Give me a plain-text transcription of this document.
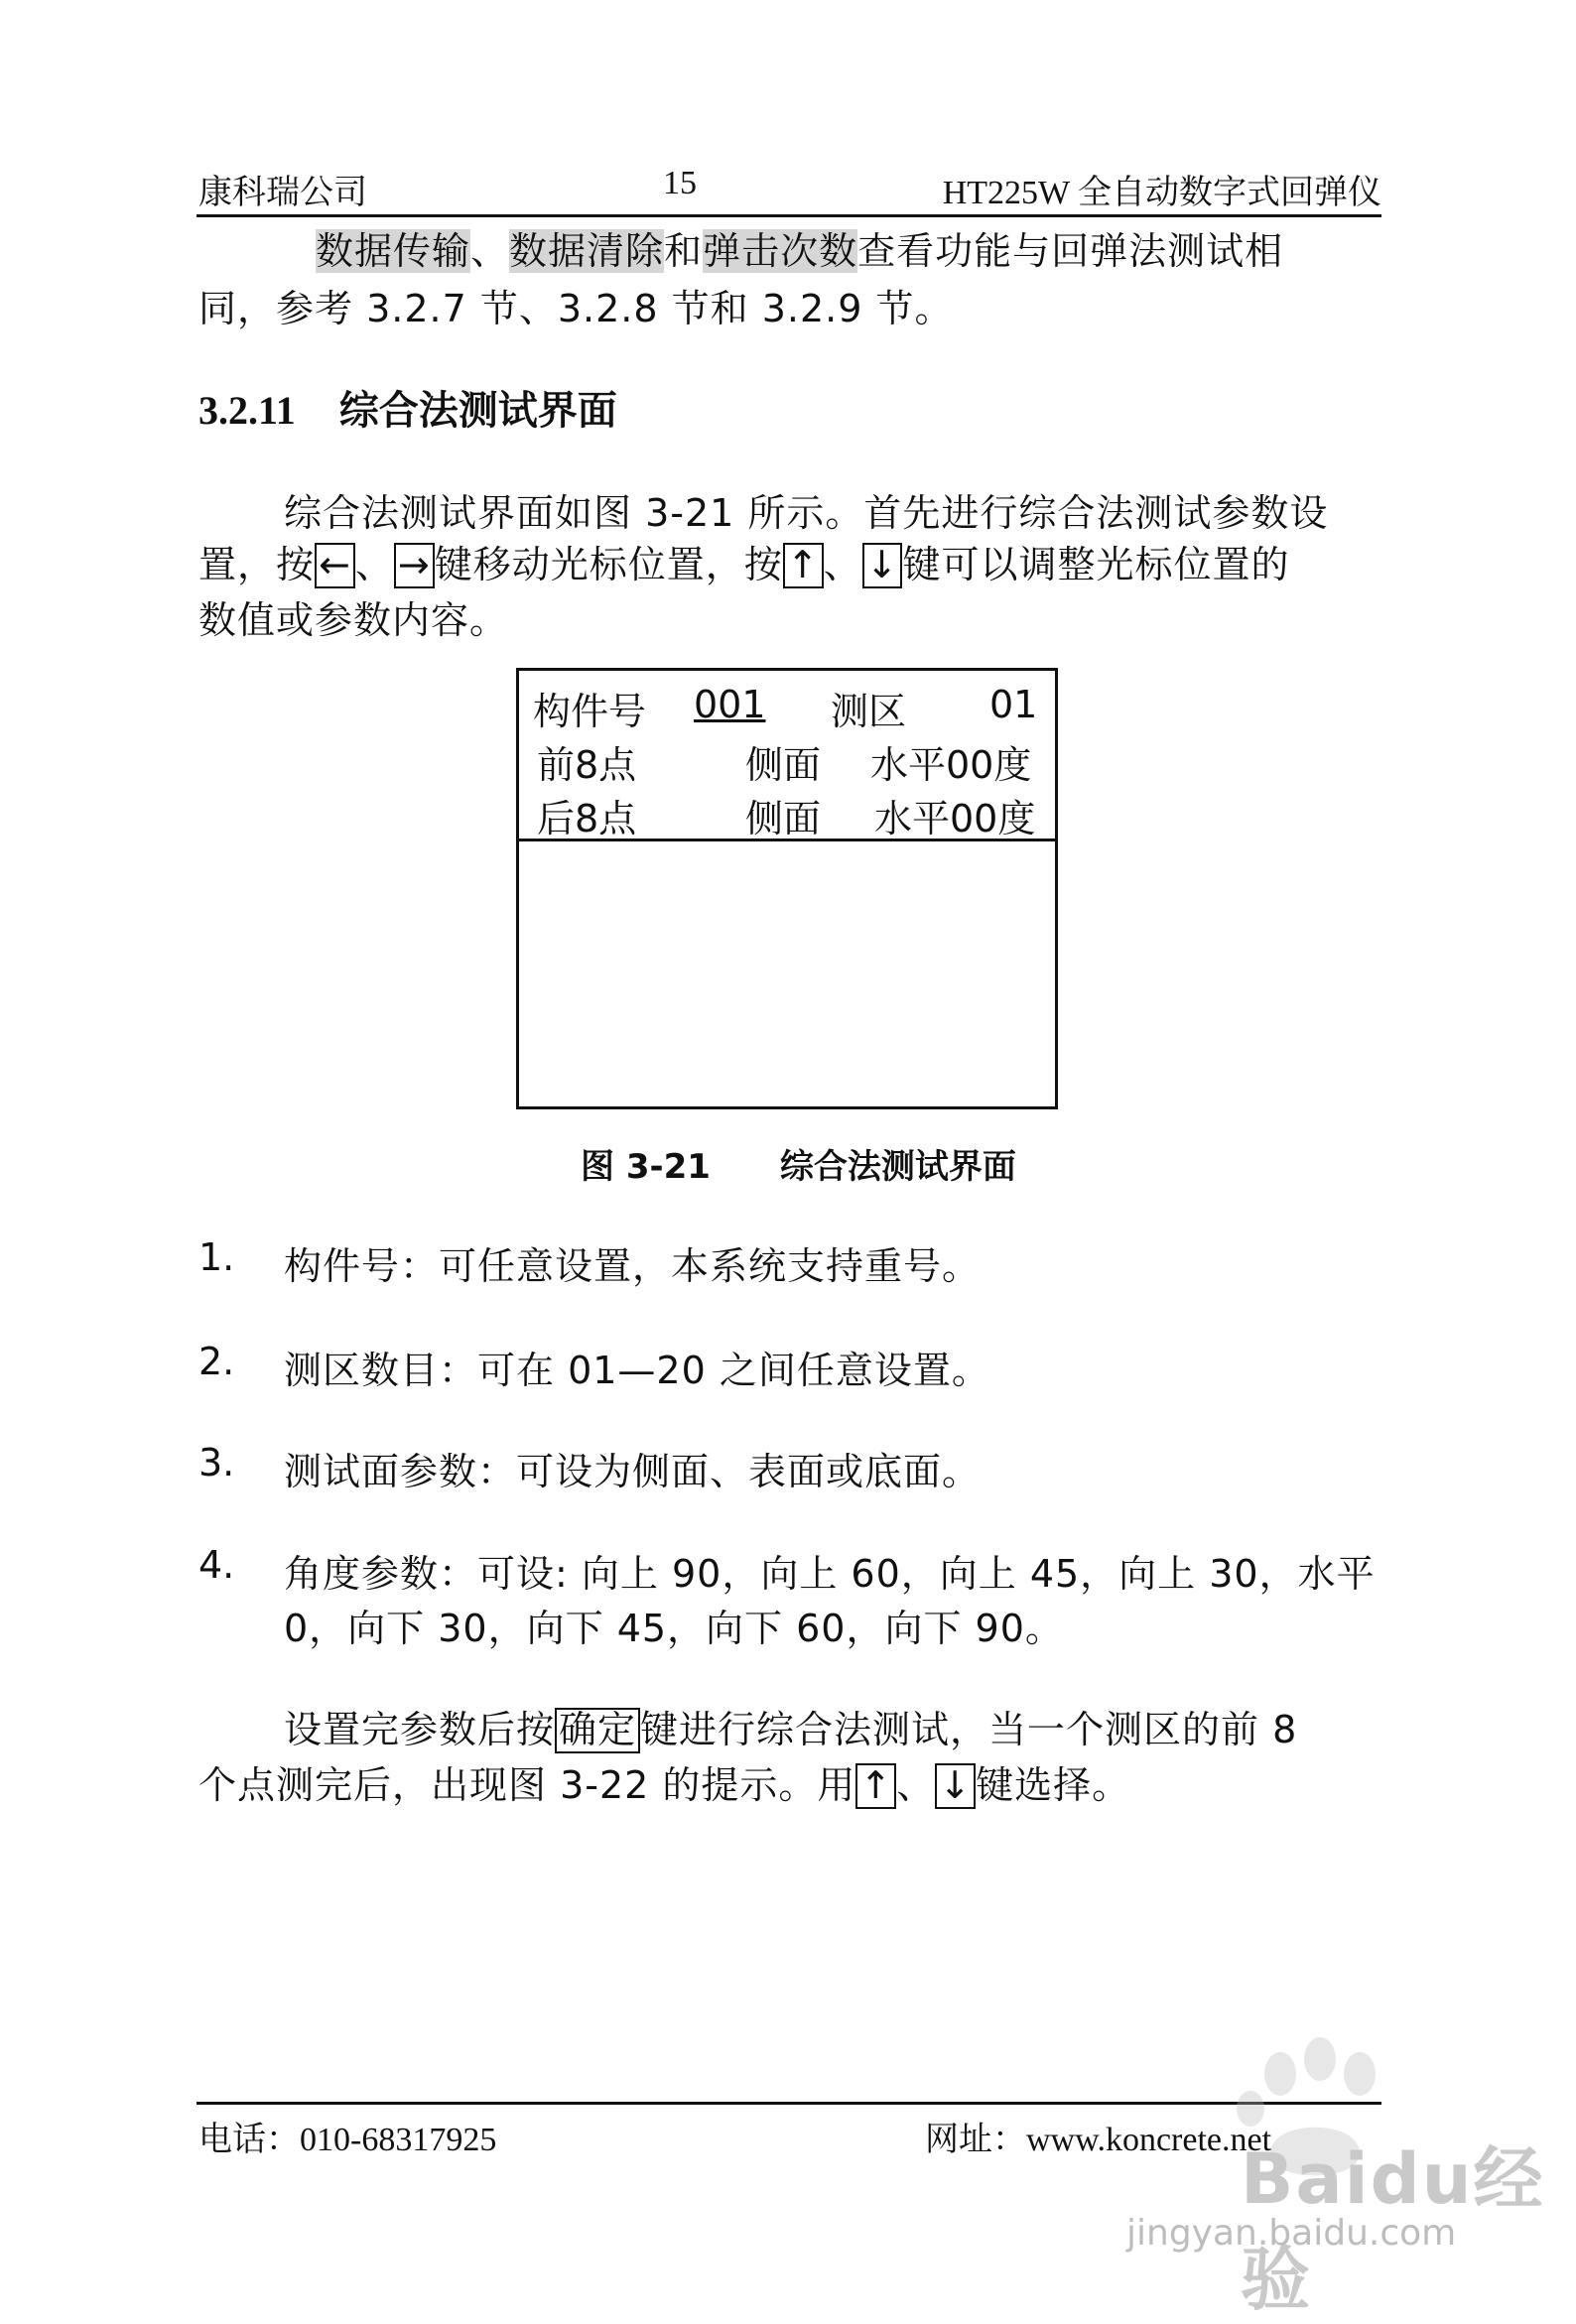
康科瑞公司	15	HT225W 全自动数字式回弹仪
数据传输、数据清除和弹击次数查看功能与回弹法测试相
同，参考 3.2.7 节、3.2.8 节和 3.2.9 节。
3.2.11 综合法测试界面
综合法测试界面如图 3-21 所示。首先进行综合法测试参数设
置，按 ← 、 → 键移动光标位置，按 ↑ 、 ↓ 键可以调整光标位置的
数值或参数内容。
构件号 001 测区 01
前8点	侧面 水平00度
后8点	侧面 水平00度
图 3-21 综合法测试界面
1. 构件号：可任意设置，本系统支持重号。
2. 测区数目：可在 01—20 之间任意设置。
3. 测试面参数：可设为侧面、表面或底面。
4. 角度参数：可设: 向上 90，向上 60，向上 45，向上 30，水平
0，向下 30，向下 45，向下 60，向下 90。
设置完参数后按 确定 键进行综合法测试，当一个测区的前 8
个点测完后，出现图 3-22 的提示。用 ↑ 、 ↓ 键选择。
电话：010-68317925	网址：www.koncrete.net
Baidu经验
jingyan.baidu.com
